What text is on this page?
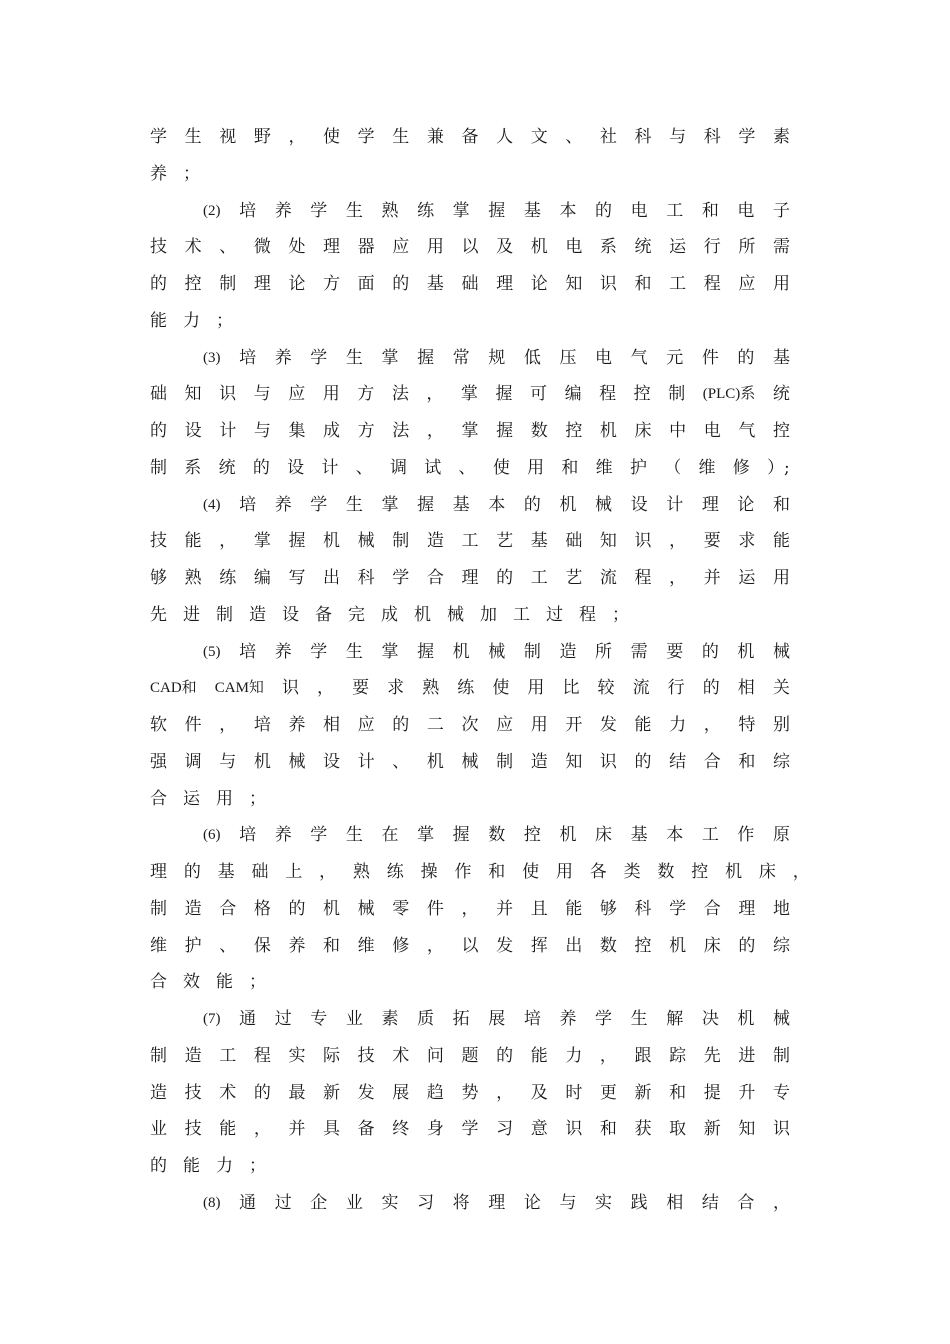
学 生 视 野 ， 使 学 生 兼 备 人 文 、 社 科 与 科 学 素
养 ；
(2) 培 养 学 生 熟 练 掌 握 基 本 的 电 工 和 电 子
技 术 、 微 处 理 器 应 用 以 及 机 电 系 统 运 行 所 需
的 控 制 理 论 方 面 的 基 础 理 论 知 识 和 工 程 应 用
能 力 ；
(3) 培 养 学 生 掌 握 常 规 低 压 电 气 元 件 的 基
础 知 识 与 应 用 方 法 ， 掌 握 可 编 程 控 制 (PLC)系 统
的 设 计 与 集 成 方 法 ， 掌 握 数 控 机 床 中 电 气 控
制 系 统 的 设 计 、 调 试 、 使 用 和 维 护 （ 维 修 ）;
(4) 培 养 学 生 掌 握 基 本 的 机 械 设 计 理 论 和
技 能 ， 掌 握 机 械 制 造 工 艺 基 础 知 识 ， 要 求 能
够 熟 练 编 写 出 科 学 合 理 的 工 艺 流 程 ， 并 运 用
先 进 制 造 设 备 完 成 机 械 加 工 过 程 ；
(5) 培 养 学 生 掌 握 机 械 制 造 所 需 要 的 机 械
CAD和 CAM知 识 ， 要 求 熟 练 使 用 比 较 流 行 的 相 关
软 件 ， 培 养 相 应 的 二 次 应 用 开 发 能 力 ， 特 别
强 调 与 机 械 设 计 、 机 械 制 造 知 识 的 结 合 和 综
合 运 用 ；
(6) 培 养 学 生 在 掌 握 数 控 机 床 基 本 工 作 原
理 的 基 础 上 ， 熟 练 操 作 和 使 用 各 类 数 控 机 床 ，
制 造 合 格 的 机 械 零 件 ， 并 且 能 够 科 学 合 理 地
维 护 、 保 养 和 维 修 ， 以 发 挥 出 数 控 机 床 的 综
合 效 能 ；
(7) 通 过 专 业 素 质 拓 展 培 养 学 生 解 决 机 械
制 造 工 程 实 际 技 术 问 题 的 能 力 ， 跟 踪 先 进 制
造 技 术 的 最 新 发 展 趋 势 ， 及 时 更 新 和 提 升 专
业 技 能 ， 并 具 备 终 身 学 习 意 识 和 获 取 新 知 识
的 能 力 ；
(8) 通 过 企 业 实 习 将 理 论 与 实 践 相 结 合 ，
